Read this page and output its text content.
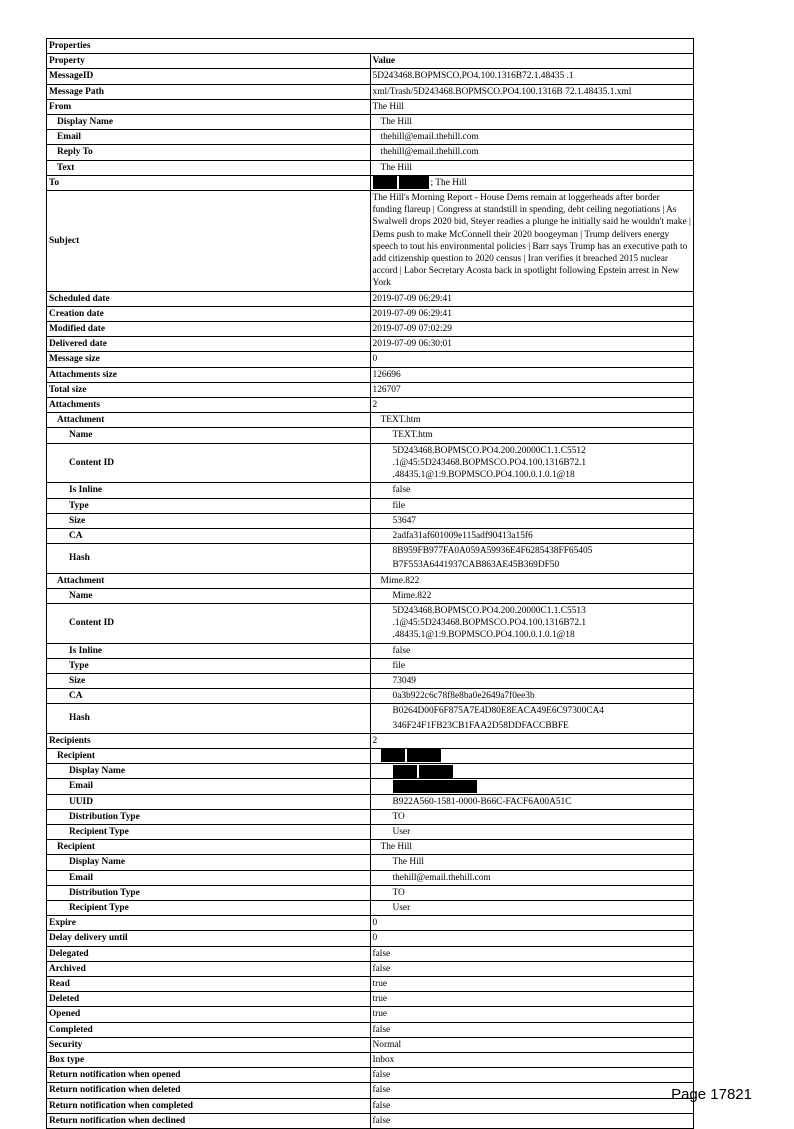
Properties	
Property	Value
MessageID	5D243468.BOPMSCO.PO4.100.1316B72.1.48435 .1
Message Path	xml/Trash/5D243468.BOPMSCO.PO4.100.1316B 72.1.48435.1.xml
From	The Hill
Display Name	The Hill
Email	thehill@email.thehill.com
Reply To	thehill@email.thehill.com
Text	The Hill
To	; The Hill
Subject	The Hill's Morning Report - House Dems remain at loggerheads after border funding flareup | Congress at standstill in spending, debt ceiling negotiations | As Swalwell drops 2020 bid, Steyer readies a plunge he initially said he wouldn't make | Dems push to make McConnell their 2020 boogeyman | Trump delivers energy speech to tout his environmental policies | Barr says Trump has an executive path to add citizenship question to 2020 census | Iran verifies it breached 2015 nuclear accord | Labor Secretary Acosta back in spotlight following Epstein arrest in New York
Scheduled date	2019-07-09 06:29:41
Creation date	2019-07-09 06:29:41
Modified date	2019-07-09 07:02:29
Delivered date	2019-07-09 06:30:01
Message size	0
Attachments size	126696
Total size	126707
Attachments	2
Attachment	TEXT.htm
Name	TEXT.htm
Content ID	5D243468.BOPMSCO.PO4.200.20000C1.1.C5512 .1@45:5D243468.BOPMSCO.PO4.100.1316B72.1 .48435.1@1:9.BOPMSCO.PO4.100.0.1.0.1@18
Is Inline	false
Type	file
Size	53647
CA	2adfa31af601009e115adf90413a15f6
Hash	8B959FB977FA0A059A59936E4F6285438FF65405 B7F553A6441937CAB863AE45B369DF50
Attachment	Mime.822
Name	Mime.822
Content ID	5D243468.BOPMSCO.PO4.200.20000C1.1.C5513 .1@45:5D243468.BOPMSCO.PO4.100.1316B72.1 .48435.1@1:9.BOPMSCO.PO4.100.0.1.0.1@18
Is Inline	false
Type	file
Size	73049
CA	0a3b922c6c78f8e8ba0e2649a7f0ee3b
Hash	B0264D00F6F875A7E4D80E8EACA49E6C97300CA4 346F24F1FB23CB1FAA2D58DDFACCBBFE
Recipients	2
Recipient	
Display Name	
Email	
UUID	B922A560-1581-0000-B66C-FACF6A00A51C
Distribution Type	TO
Recipient Type	User
Recipient	The Hill
Display Name	The Hill
Email	thehill@email.thehill.com
Distribution Type	TO
Recipient Type	User
Expire	0
Delay delivery until	0
Delegated	false
Archived	false
Read	true
Deleted	true
Opened	true
Completed	false
Security	Normal
Box type	Inbox
Return notification when opened	false
Return notification when deleted	false
Return notification when completed	false
Return notification when declined	false
Page 17821
